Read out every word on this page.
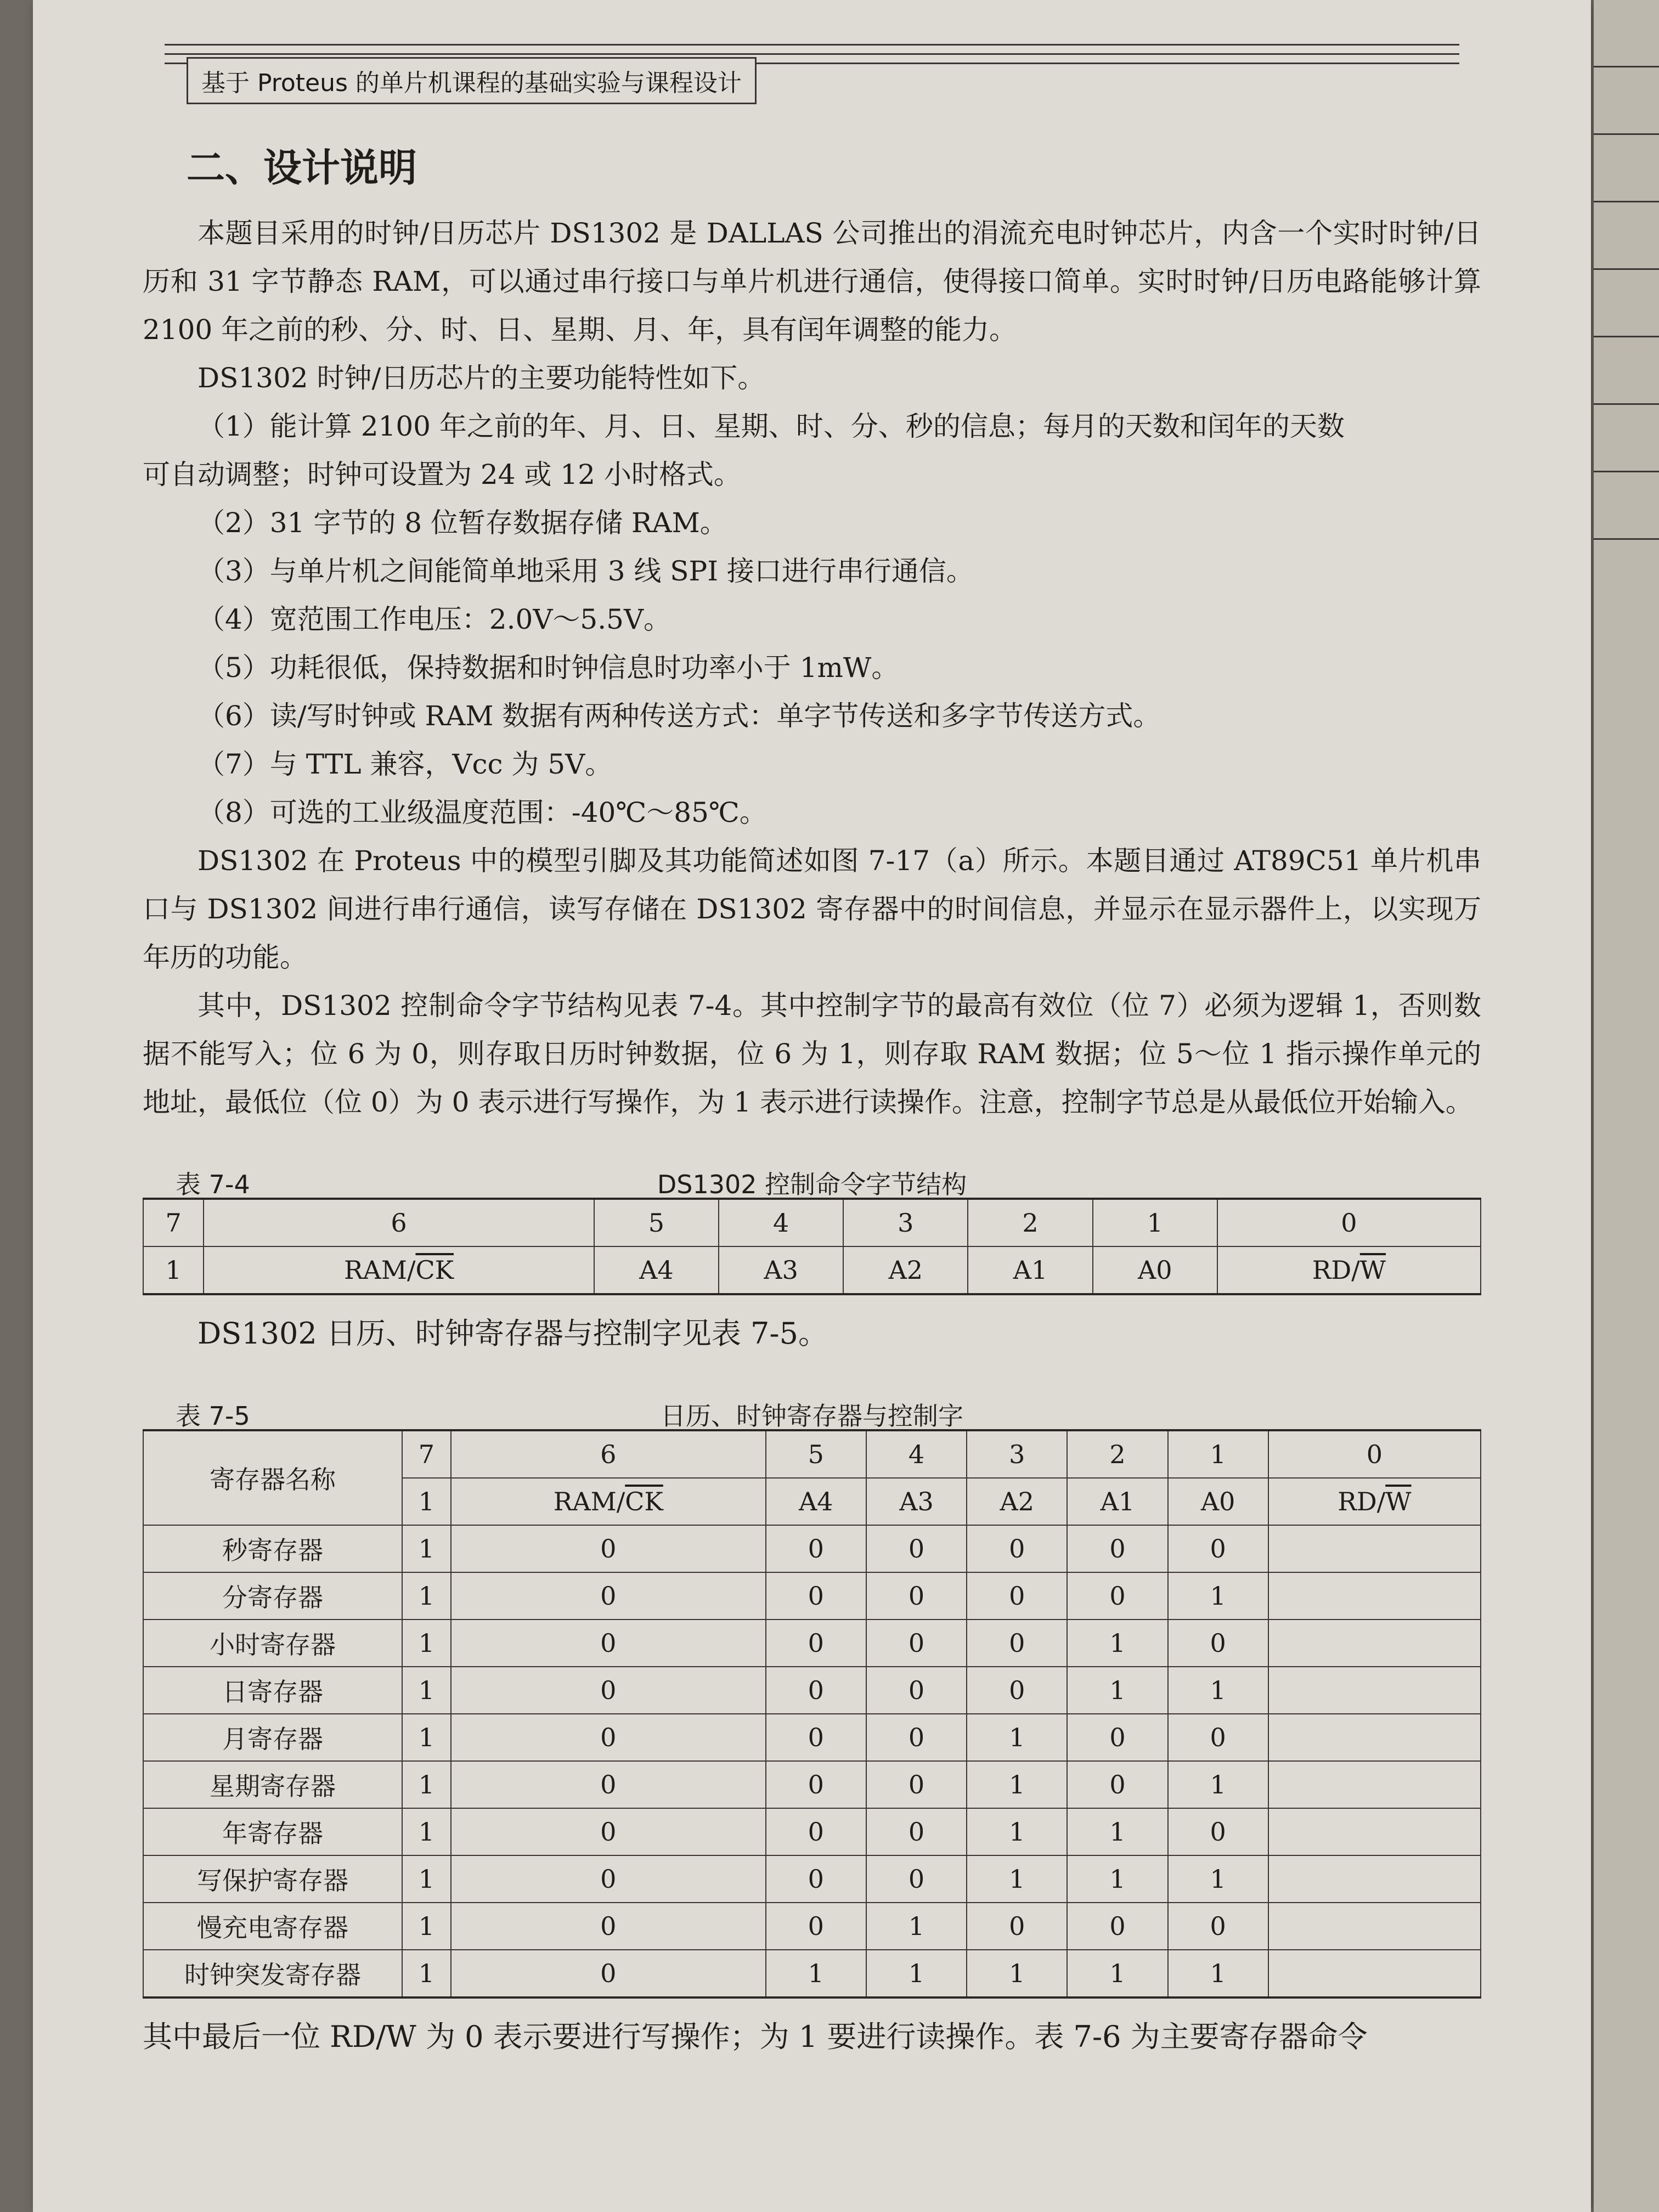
基于 Proteus 的单片机课程的基础实验与课程设计
二、设计说明

本题目采用的时钟/日历芯片 DS1302 是 DALLAS 公司推出的涓流充电时钟芯片，内含一个实时时钟/日历和 31 字节静态 RAM，可以通过串行接口与单片机进行通信，使得接口简单。实时时钟/日历电路能够计算 2100 年之前的秒、分、时、日、星期、月、年，具有闰年调整的能力。

DS1302 时钟/日历芯片的主要功能特性如下。

（1）能计算 2100 年之前的年、月、日、星期、时、分、秒的信息；每月的天数和闰年的天数

可自动调整；时钟可设置为 24 或 12 小时格式。

（2）31 字节的 8 位暂存数据存储 RAM。

（3）与单片机之间能简单地采用 3 线 SPI 接口进行串行通信。

（4）宽范围工作电压：2.0V～5.5V。

（5）功耗很低，保持数据和时钟信息时功率小于 1mW。

（6）读/写时钟或 RAM 数据有两种传送方式：单字节传送和多字节传送方式。

（7）与 TTL 兼容，Vcc 为 5V。

（8）可选的工业级温度范围：-40℃～85℃。

DS1302 在 Proteus 中的模型引脚及其功能简述如图 7-17（a）所示。本题目通过 AT89C51 单片机串口与 DS1302 间进行串行通信，读写存储在 DS1302 寄存器中的时间信息，并显示在显示器件上，以实现万年历的功能。

其中，DS1302 控制命令字节结构见表 7-4。其中控制字节的最高有效位（位 7）必须为逻辑 1，否则数据不能写入；位 6 为 0，则存取日历时钟数据，位 6 为 1，则存取 RAM 数据；位 5～位 1 指示操作单元的地址，最低位（位 0）为 0 表示进行写操作，为 1 表示进行读操作。注意，控制字节总是从最低位开始输入。

表 7-4	DS1302 控制命令字节结构
7	6	5	4	3	2	1	0
1	RAM/$\overline{CK}$	A4	A3	A2	A1	A0	$RD/\overline{W}$

DS1302 日历、时钟寄存器与控制字见表 7-5。

表 7-5	日历、时钟寄存器与控制字
寄存器名称	7	6	5	4	3	2	1	0
	1	RAM/$\overline{CK}$	A4	A3	A2	A1	A0	$RD/\overline{W}$
秒寄存器	1	0	0	0	0	0	0	
分寄存器	1	0	0	0	0	0	1	
小时寄存器	1	0	0	0	0	1	0	
日寄存器	1	0	0	0	0	1	1	
月寄存器	1	0	0	0	1	0	0	
星期寄存器	1	0	0	0	1	0	1	
年寄存器	1	0	0	0	1	1	0	
写保护寄存器	1	0	0	0	1	1	1	
慢充电寄存器	1	0	0	1	0	0	0	
时钟突发寄存器	1	0	1	1	1	1	1	

其中最后一位 RD/W 为 0 表示要进行写操作；为 1 要进行读操作。表 7-6 为主要寄存器命令
